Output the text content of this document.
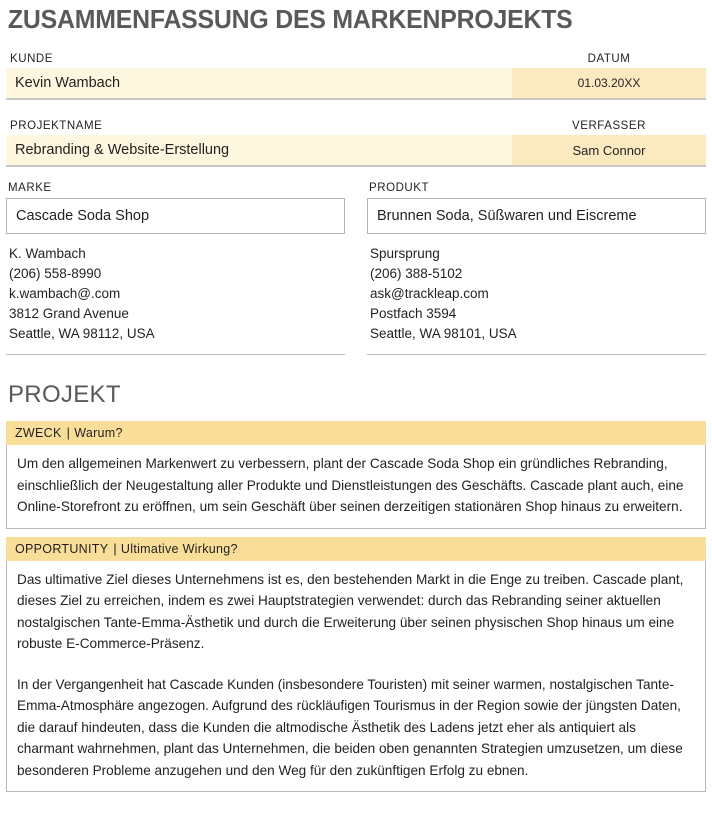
ZUSAMMENFASSUNG DES MARKENPROJEKTS
KUNDE	DATUM
Kevin Wambach	01.03.20XX
PROJEKTNAME	VERFASSER
Rebranding & Website-Erstellung	Sam Connor
MARKE
Cascade Soda Shop
K. Wambach
(206) 558-8990
k.wambach@.com
3812 Grand Avenue
Seattle, WA 98112, USA
PRODUKT
Brunnen Soda, Süßwaren und Eiscreme
Spursprung
(206) 388-5102
ask@trackleap.com
Postfach 3594
Seattle, WA 98101, USA
PROJEKT
ZWECK | Warum?

Um den allgemeinen Markenwert zu verbessern, plant der Cascade Soda Shop ein gründliches Rebranding, einschließlich der Neugestaltung aller Produkte und Dienstleistungen des Geschäfts. Cascade plant auch, eine Online-Storefront zu eröffnen, um sein Geschäft über seinen derzeitigen stationären Shop hinaus zu erweitern.

OPPORTUNITY | Ultimative Wirkung?

Das ultimative Ziel dieses Unternehmens ist es, den bestehenden Markt in die Enge zu treiben. Cascade plant, dieses Ziel zu erreichen, indem es zwei Hauptstrategien verwendet: durch das Rebranding seiner aktuellen nostalgischen Tante-Emma-Ästhetik und durch die Erweiterung über seinen physischen Shop hinaus um eine robuste E-Commerce-Präsenz.

In der Vergangenheit hat Cascade Kunden (insbesondere Touristen) mit seiner warmen, nostalgischen Tante-Emma-Atmosphäre angezogen. Aufgrund des rückläufigen Tourismus in der Region sowie der jüngsten Daten, die darauf hindeuten, dass die Kunden die altmodische Ästhetik des Ladens jetzt eher als antiquiert als charmant wahrnehmen, plant das Unternehmen, die beiden oben genannten Strategien umzusetzen, um diese besonderen Probleme anzugehen und den Weg für den zukünftigen Erfolg zu ebnen.
